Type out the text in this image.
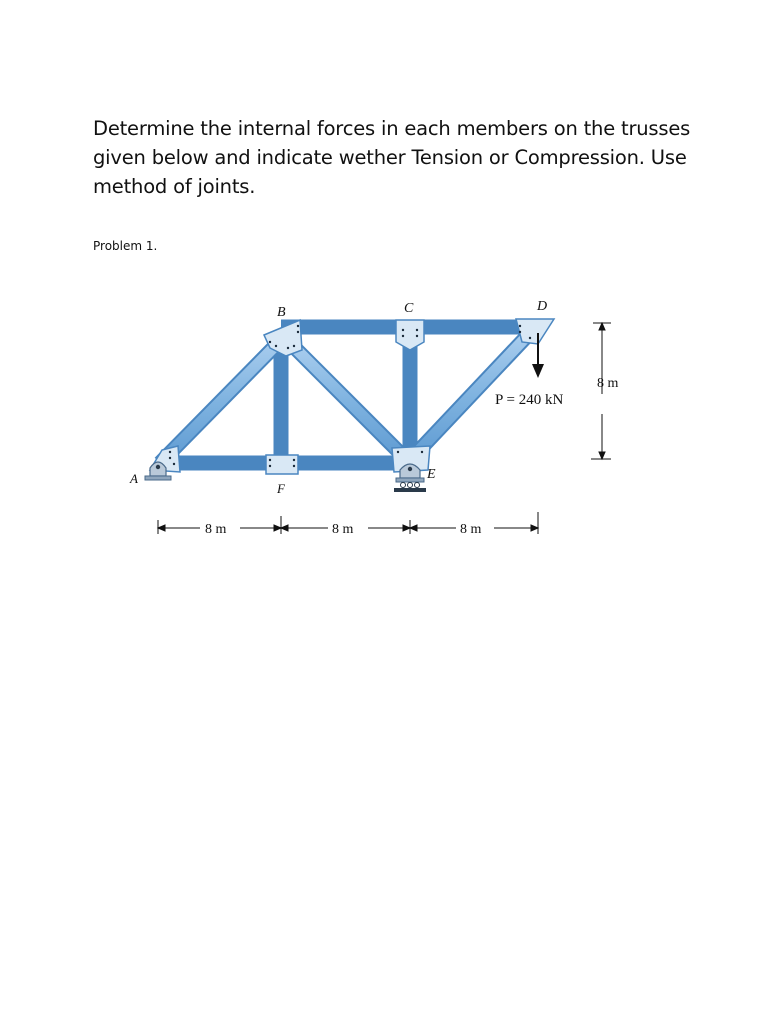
Determine the internal forces in each members on the trusses given below and indicate wether Tension or Compression. Use method of joints.

Problem 1.

A
B	C	D
E
F
P = 240 kN
8 m
8 m	8 m	8 m
